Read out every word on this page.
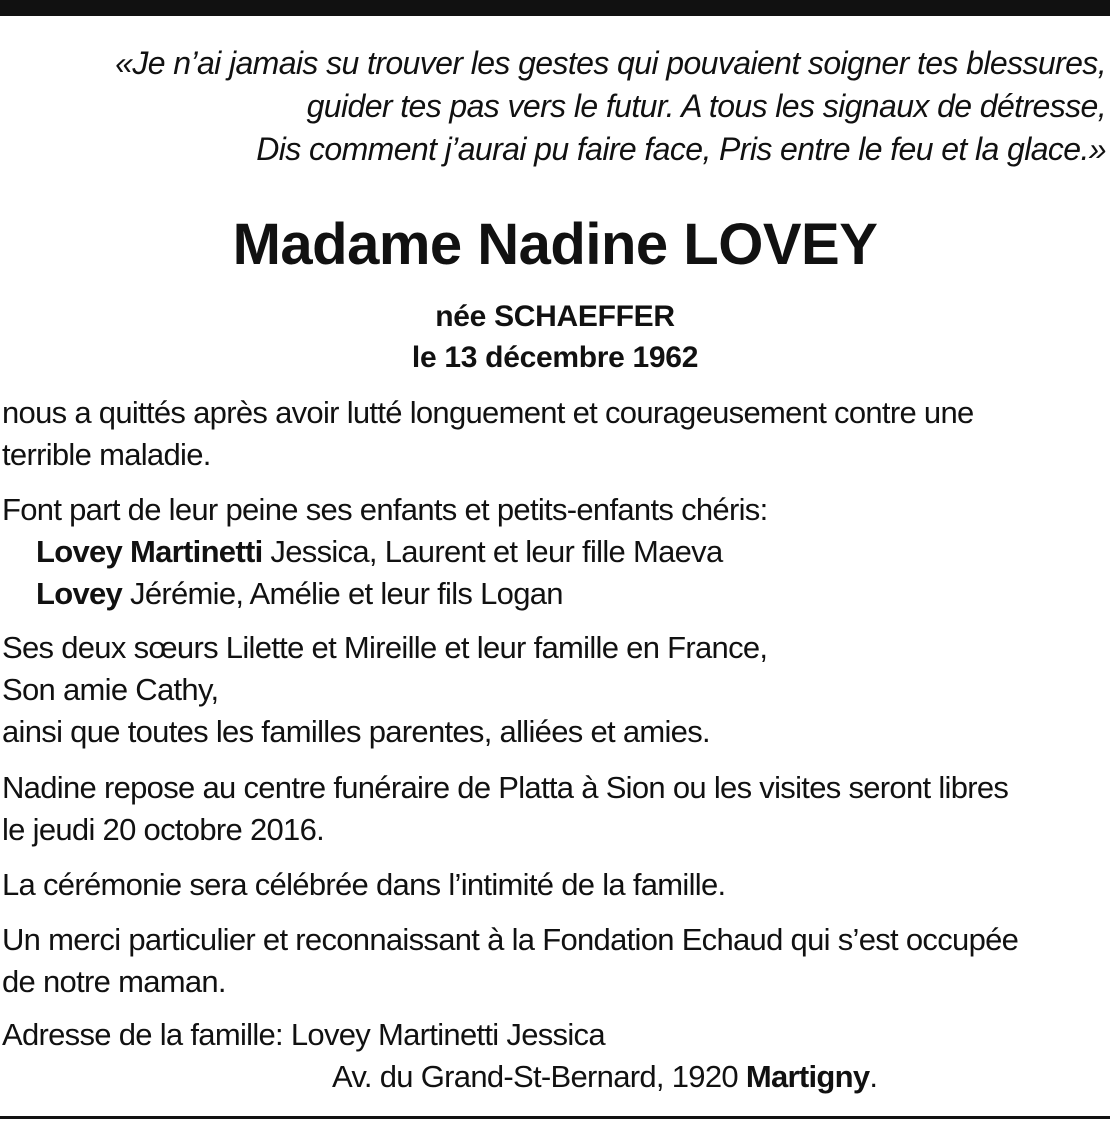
«Je n’ai jamais su trouver les gestes qui pouvaient soigner tes blessures,
guider tes pas vers le futur. A tous les signaux de détresse,
Dis comment j’aurai pu faire face, Pris entre le feu et la glace.»
Madame Nadine LOVEY
née SCHAEFFER
le 13 décembre 1962
nous a quittés après avoir lutté longuement et courageusement contre une
terrible maladie.
Font part de leur peine ses enfants et petits-enfants chéris:
Lovey Martinetti Jessica, Laurent et leur fille Maeva
Lovey Jérémie, Amélie et leur fils Logan
Ses deux sœurs Lilette et Mireille et leur famille en France,
Son amie Cathy,
ainsi que toutes les familles parentes, alliées et amies.
Nadine repose au centre funéraire de Platta à Sion ou les visites seront libres
le jeudi 20 octobre 2016.
La cérémonie sera célébrée dans l’intimité de la famille.
Un merci particulier et reconnaissant à la Fondation Echaud qui s’est occupée
de notre maman.
Adresse de la famille: Lovey Martinetti Jessica
Av. du Grand-St-Bernard, 1920 Martigny.
